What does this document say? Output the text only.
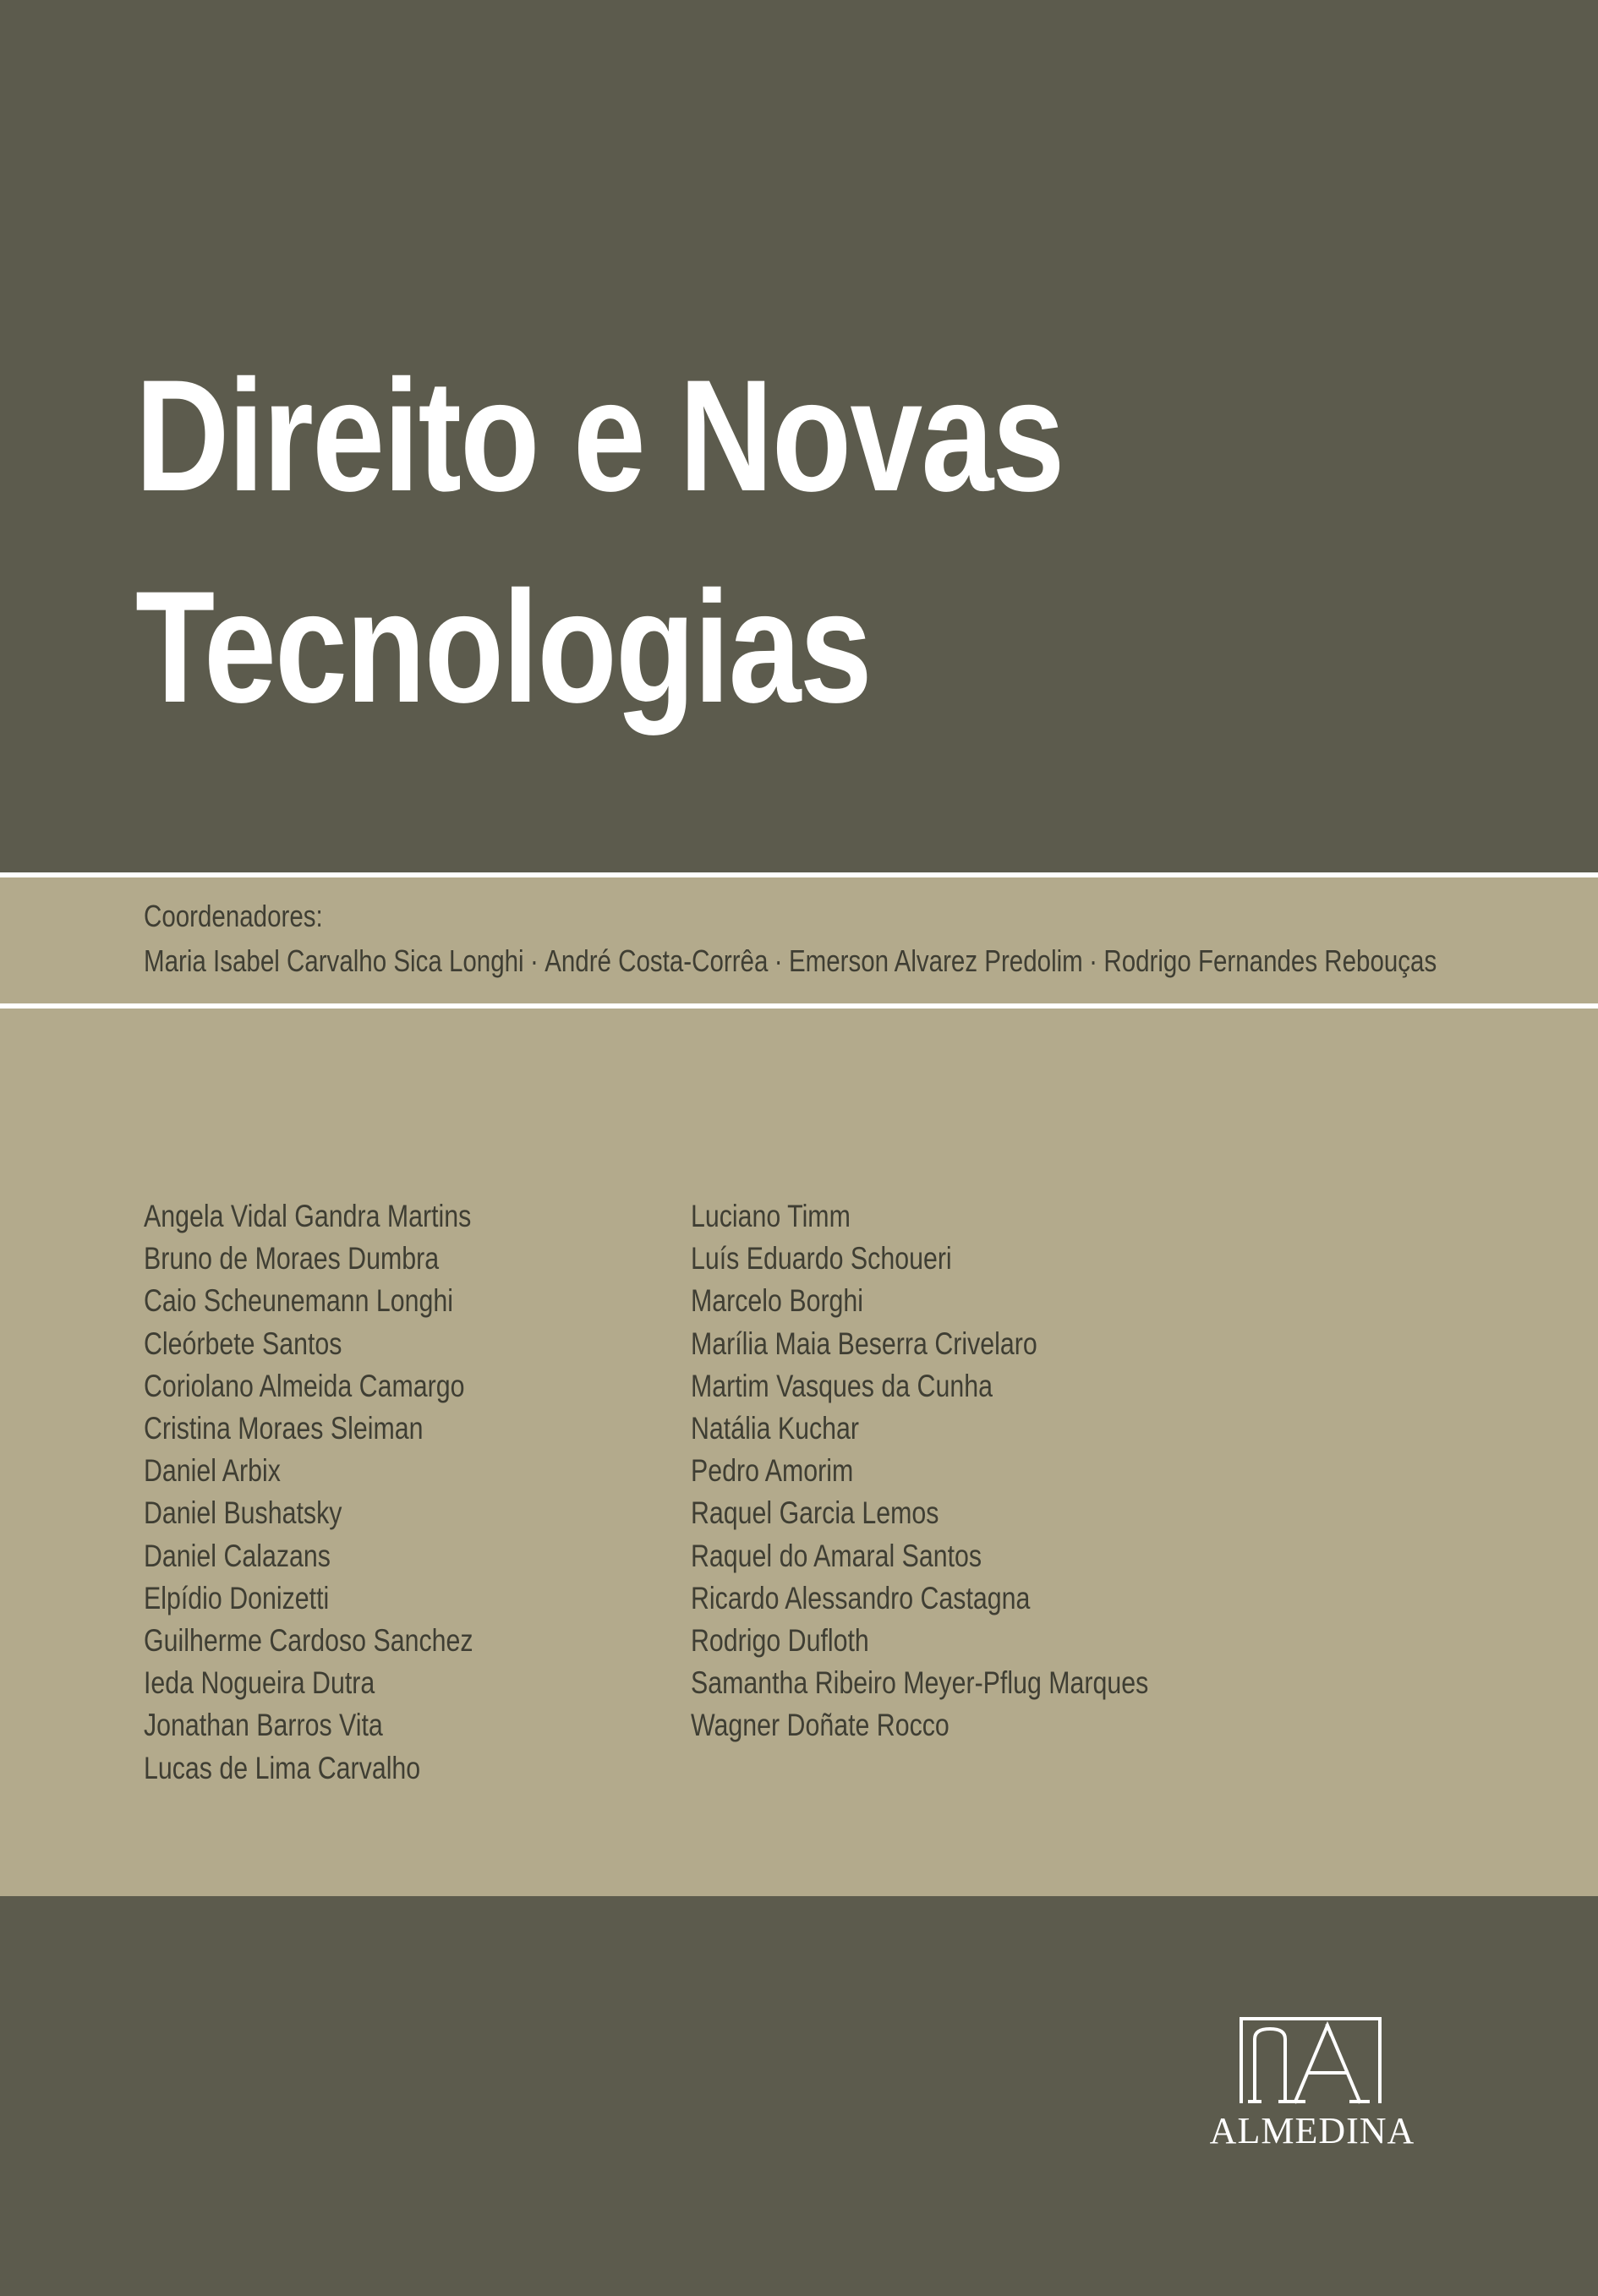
Direito e Novas
Tecnologias
Coordenadores:
Maria Isabel Carvalho Sica Longhi · André Costa-Corrêa · Emerson Alvarez Predolim · Rodrigo Fernandes Rebouças
Angela Vidal Gandra Martins
Bruno de Moraes Dumbra
Caio Scheunemann Longhi
Cleórbete Santos
Coriolano Almeida Camargo
Cristina Moraes Sleiman
Daniel Arbix
Daniel Bushatsky
Daniel Calazans
Elpídio Donizetti
Guilherme Cardoso Sanchez
Ieda Nogueira Dutra
Jonathan Barros Vita
Lucas de Lima Carvalho
Luciano Timm
Luís Eduardo Schoueri
Marcelo Borghi
Marília Maia Beserra Crivelaro
Martim Vasques da Cunha
Natália Kuchar
Pedro Amorim
Raquel Garcia Lemos
Raquel do Amaral Santos
Ricardo Alessandro Castagna
Rodrigo Dufloth
Samantha Ribeiro Meyer-Pflug Marques
Wagner Doñate Rocco
ALMEDINA
